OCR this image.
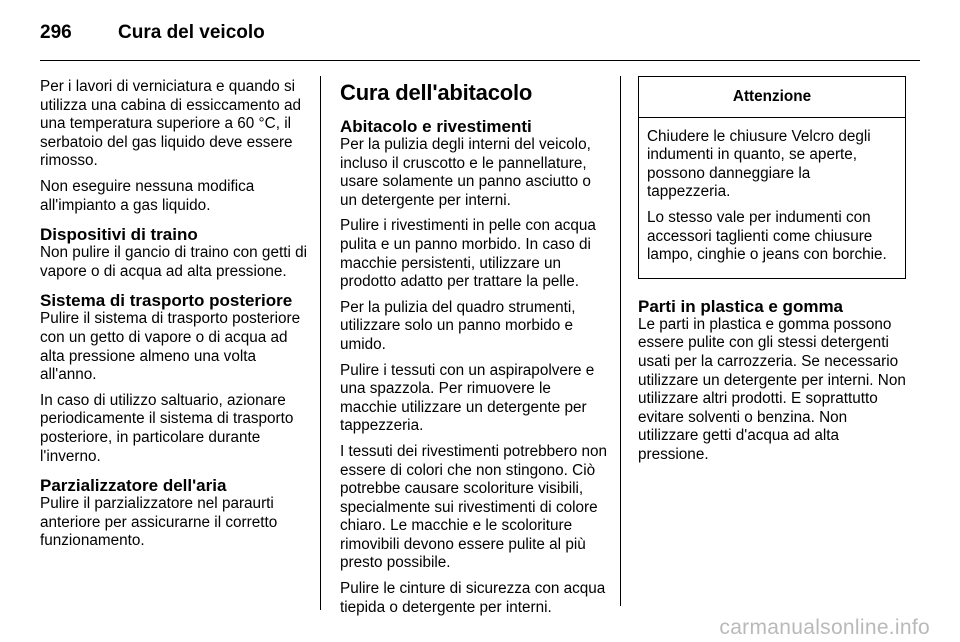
296	Cura del veicolo

Per i lavori di verniciatura e quando si utilizza una cabina di essiccamento ad una temperatura superiore a 60 °C, il serbatoio del gas liquido deve essere rimosso.

Non eseguire nessuna modifica all'impianto a gas liquido.

Dispositivi di traino

Non pulire il gancio di traino con getti di vapore o di acqua ad alta pressione.

Sistema di trasporto posteriore

Pulire il sistema di trasporto posteriore con un getto di vapore o di acqua ad alta pressione almeno una volta all'anno.

In caso di utilizzo saltuario, azionare periodicamente il sistema di trasporto posteriore, in particolare durante l'inverno.

Parzializzatore dell'aria

Pulire il parzializzatore nel paraurti anteriore per assicurarne il corretto funzionamento.

Cura dell'abitacolo
Abitacolo e rivestimenti

Per la pulizia degli interni del veicolo, incluso il cruscotto e le pannellature, usare solamente un panno asciutto o un detergente per interni.

Pulire i rivestimenti in pelle con acqua pulita e un panno morbido. In caso di macchie persistenti, utilizzare un prodotto adatto per trattare la pelle.

Per la pulizia del quadro strumenti, utilizzare solo un panno morbido e umido.

Pulire i tessuti con un aspirapolvere e una spazzola. Per rimuovere le macchie utilizzare un detergente per tappezzeria.

I tessuti dei rivestimenti potrebbero non essere di colori che non stingono. Ciò potrebbe causare scoloriture visibili, specialmente sui rivestimenti di colore chiaro. Le macchie e le scoloriture rimovibili devono essere pulite al più presto possibile.

Pulire le cinture di sicurezza con acqua tiepida o detergente per interni.

Attenzione

Chiudere le chiusure Velcro degli indumenti in quanto, se aperte, possono danneggiare la tappezzeria.

Lo stesso vale per indumenti con accessori taglienti come chiusure lampo, cinghie o jeans con borchie.

Parti in plastica e gomma

Le parti in plastica e gomma possono essere pulite con gli stessi detergenti usati per la carrozzeria. Se necessario utilizzare un detergente per interni. Non utilizzare altri prodotti. E soprattutto evitare solventi o benzina. Non utilizzare getti d'acqua ad alta pressione.

carmanualsonline.info
